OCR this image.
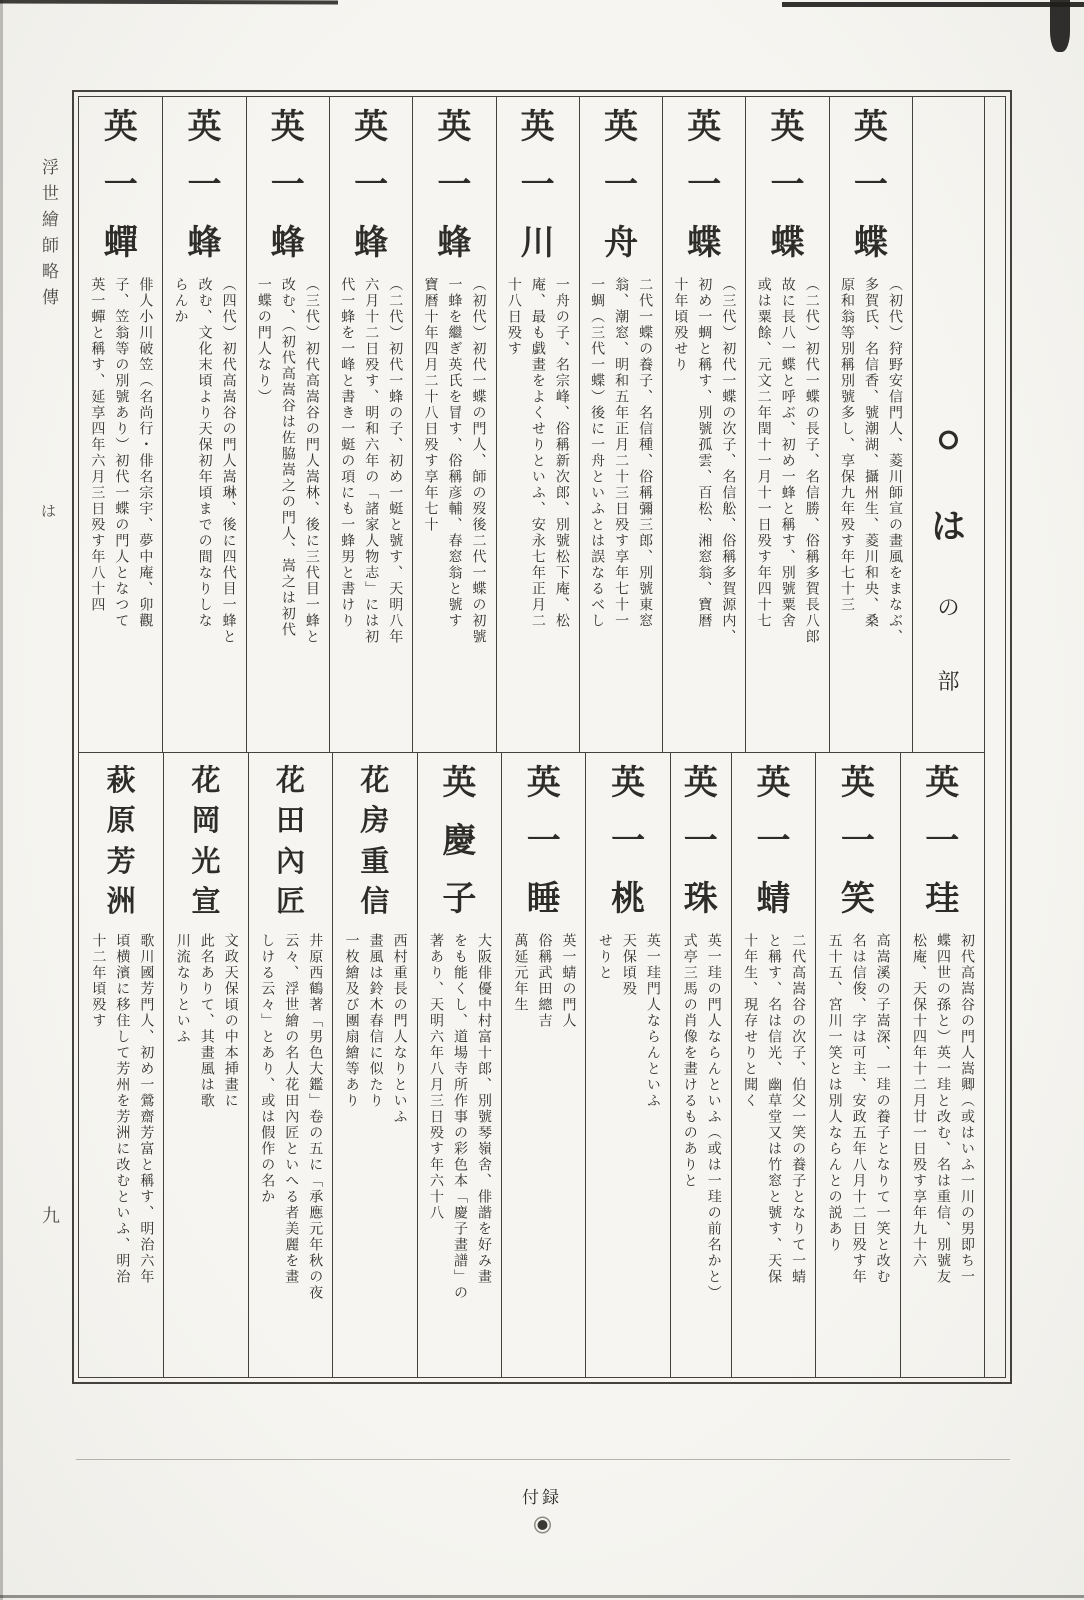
浮世繪師略傳
は
九
○
は
の
部
英
一
蝶
（初代）狩野安信門人、菱川師宣の畫風をまなぶ、
多賀氏、名信香、號潮湖、攝州生、菱川和央、桑
原和翁等別稱別號多し、享保九年殁す年七十三
英
一
蝶
（二代）初代一蝶の長子、名信勝、俗稱多賀長八郎
故に長八一蝶と呼ぶ、初め一蜂と稱す、別號粟舍
或は粟餘、元文二年閏十一月十一日殁す年四十七
英
一
蝶
（三代）初代一蝶の次子、名信舩、俗稱多賀源内、
初め一蜩と稱す、別號孤雲、百松、湘窓翁、寶暦
十年頃殁せり
英
一
舟
二代一蝶の養子、名信種、俗稱彌三郎、別號東窓
翁、潮窓、明和五年正月二十三日殁す享年七十一
一蜩（三代一蝶）後に一舟といふとは誤なるべし
英
一
川
一舟の子、名宗峰、俗稱新次郎、別號松下庵、松
庵、最も戯畫をよくせりといふ、安永七年正月二
十八日殁す
英
一
蜂
（初代）初代一蝶の門人、師の歿後二代一蝶の初號
一蜂を繼ぎ英氏を冒す、俗稱彦輔、春窓翁と號す
寶暦十年四月二十八日殁す享年七十
英
一
蜂
（二代）初代一蜂の子、初め一蜓と號す、天明八年
六月十二日殁す、明和六年の「諸家人物志」には初
代一蜂を一峰と書き一蜓の項にも一蜂男と書けり
英
一
蜂
（三代）初代高嵩谷の門人嵩林、後に三代目一蜂と
改む、（初代高嵩谷は佐脇嵩之の門人、嵩之は初代
一蝶の門人なり）
英
一
蜂
（四代）初代高嵩谷の門人嵩琳、後に四代目一蜂と
改む、文化末頃より天保初年頃までの間なりしな
らんか
英
一
蟬
俳人小川破笠（名尚行・俳名宗宇、夢中庵、卯觀
子、笠翁等の別號あり）初代一蝶の門人となつて
英一蟬と稱す、延享四年六月三日殁す年八十四
英
一
珪
初代高嵩谷の門人嵩卿（或はいふ一川の男即ち一
蝶四世の孫と）英一珪と改む、名は重信、別號友
松庵、天保十四年十二月廿一日殁す享年九十六
英
一
笑
高嵩溪の子嵩深、一珪の養子となりて一笑と改む
名は信俊、字は可主、安政五年八月十二日殁す年
五十五、宮川一笑とは別人ならんとの説あり
英
一
蜻
二代高嵩谷の次子、伯父一笑の養子となりて一蜻
と稱す、名は信光、幽草堂又は竹窓と號す、天保
十年生、現存せりと聞く
英
一
珠
英一珪の門人ならんといふ（或は一珪の前名かと）
式亭三馬の肖像を畫けるものありと
英
一
桃
英一珪門人ならんといふ
天保頃殁
せりと
英
一
睡
英一蜻の門人
俗稱武田總吉
萬延元年生
英
慶
子
大阪俳優中村富十郎、別號琴嶺舍、俳諧を好み畫
をも能くし、道場寺所作事の彩色本「慶子畫譜」の
著あり、天明六年八月三日殁す年六十八
花
房
重
信
西村重長の門人なりといふ
畫風は鈴木春信に似たり
一枚繪及び團扇繪等あり
花
田
內
匠
井原西鶴著「男色大鑑」卷の五に「承應元年秋の夜
云々、浮世繪の名人花田內匠といへる者美麗を畫
しける云々」とあり、或は假作の名か
花
岡
光
宣
文政天保頃の中本挿畫に
此名ありて、其畫風は歌
川流なりといふ
萩
原
芳
洲
歌川國芳門人、初め一鶯齋芳富と稱す、明治六年
頃横濱に移住して芳州を芳洲に改むといふ、明治
十二年頃殁す
付録
